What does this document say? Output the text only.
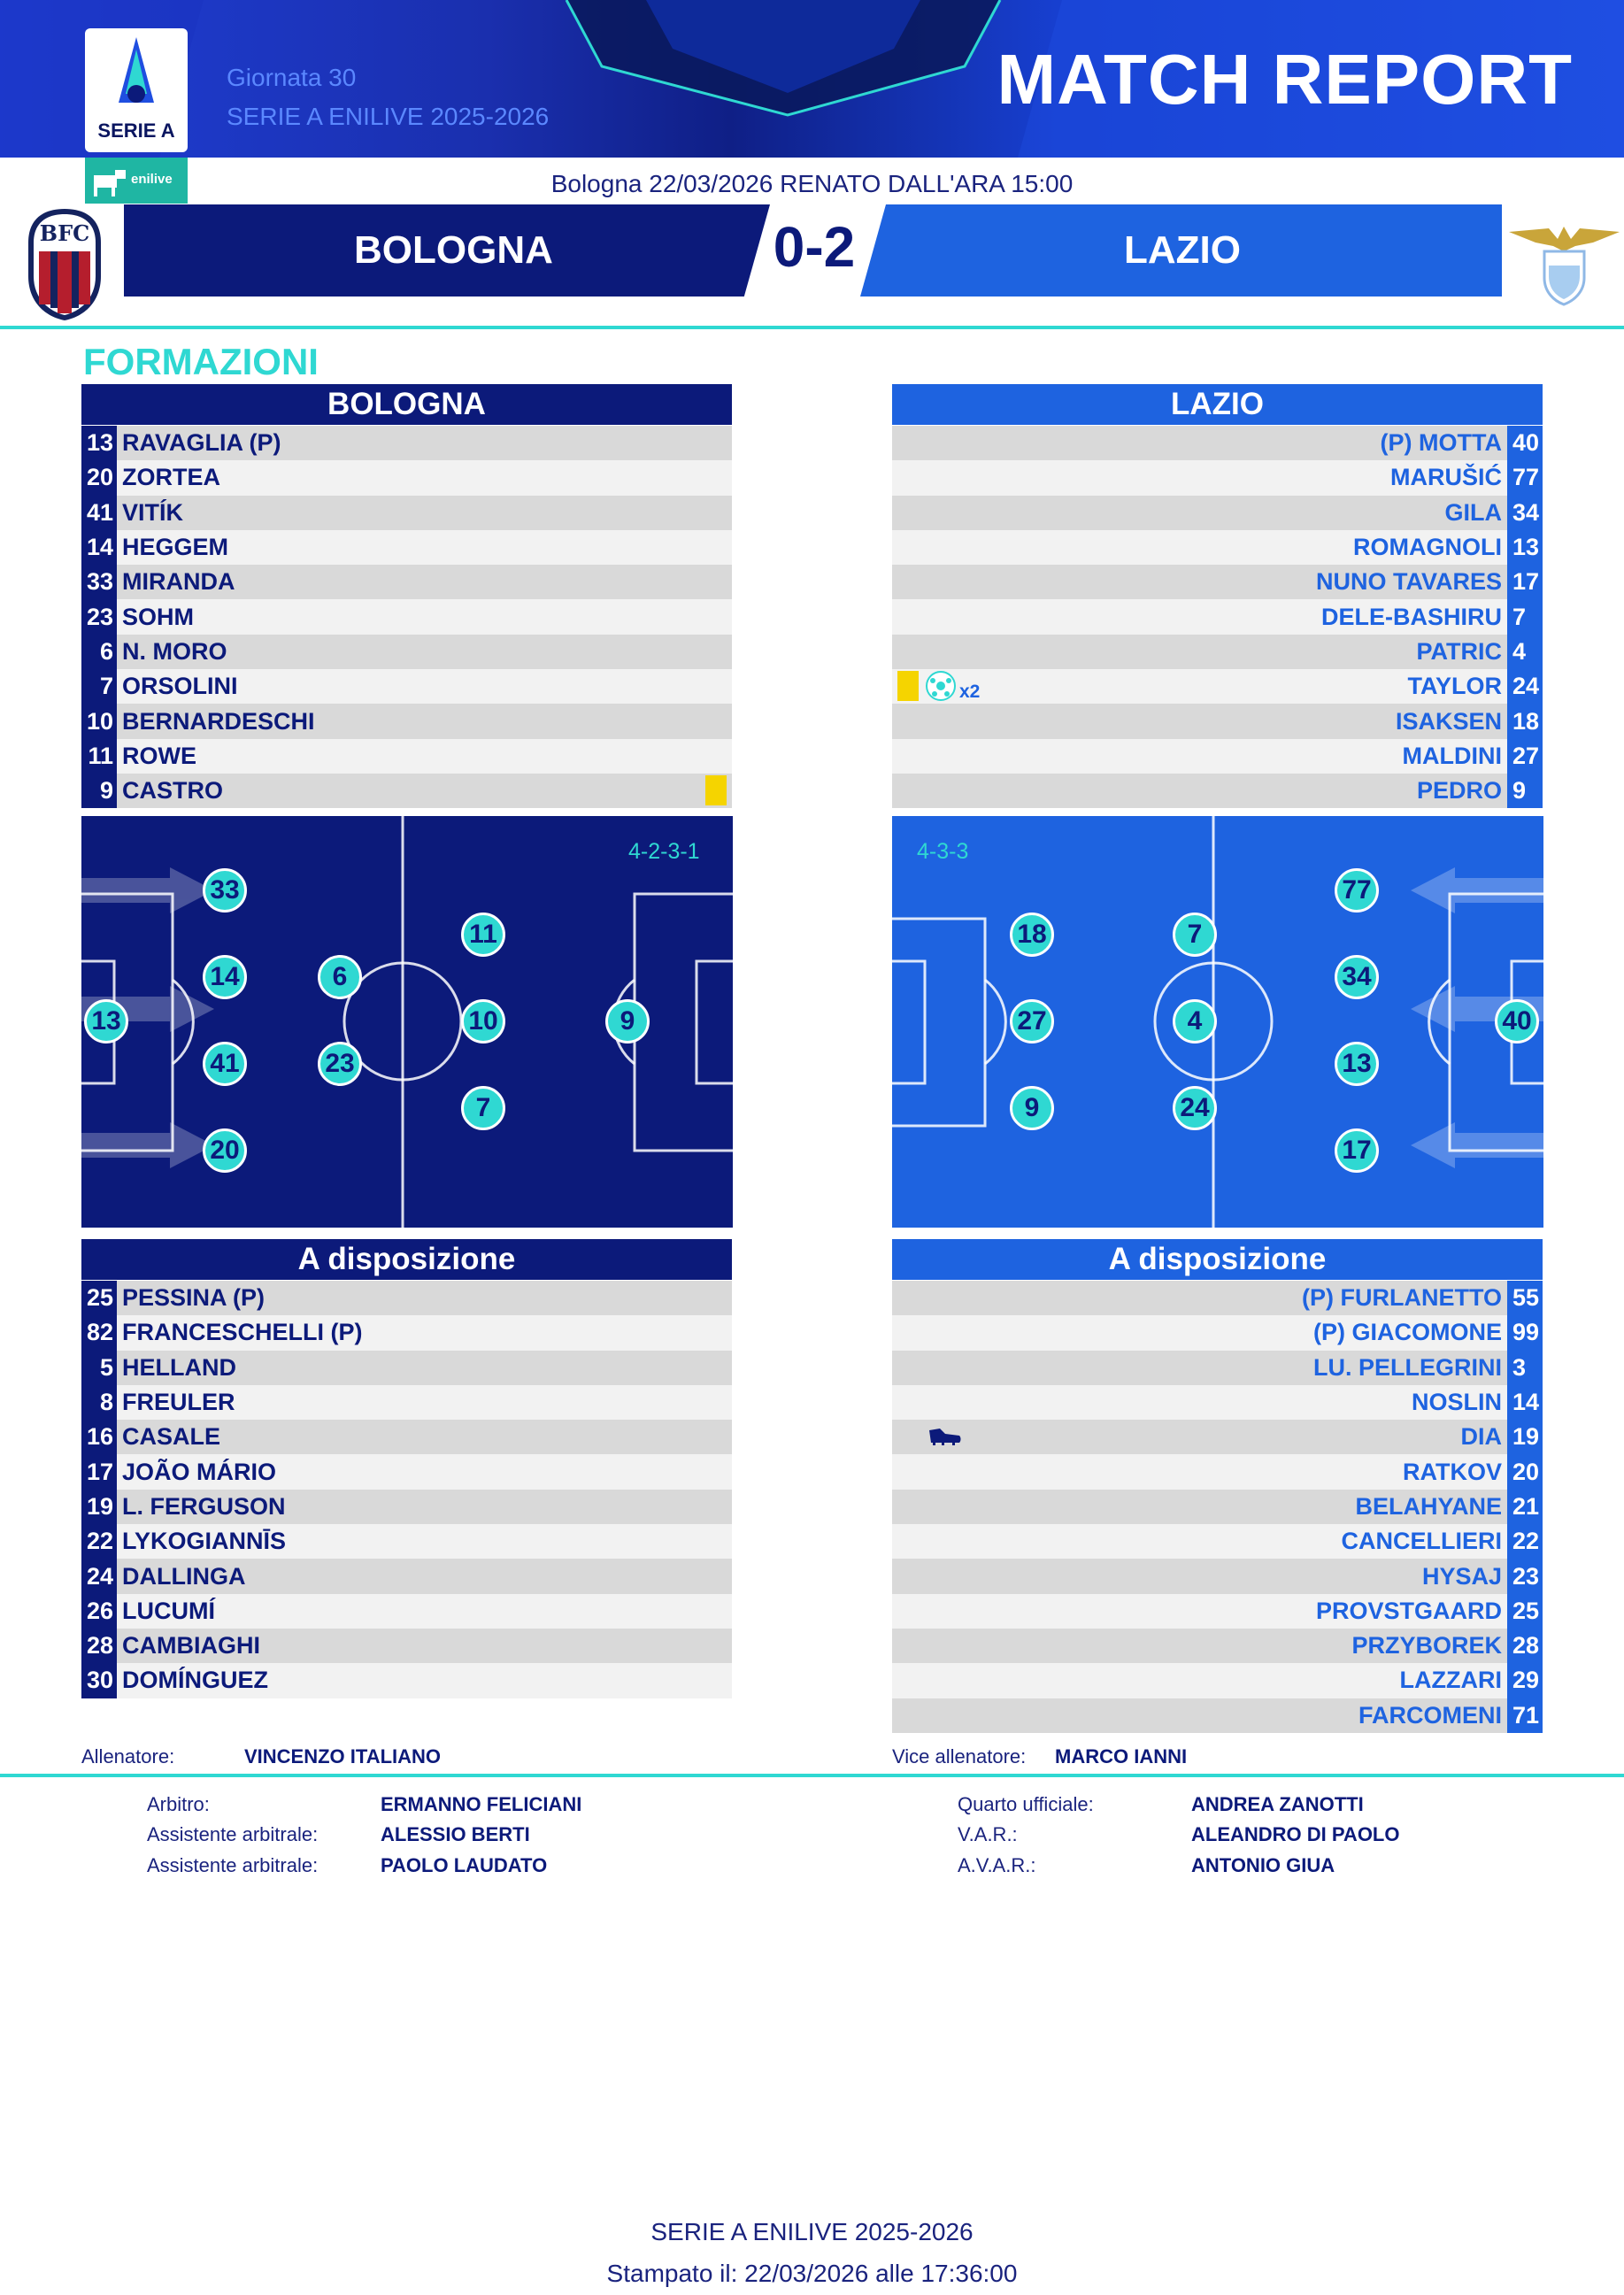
SERIE A
Giornata 30
SERIE A ENILIVE 2025-2026	MATCH REPORT
enilive	Bologna 22/03/2026 RENATO DALL'ARA 15:00
BFC	BOLOGNA	LAZIO
0-2
FORMAZIONI
BOLOGNA
13 RAVAGLIA (P)
20 ZORTEA
41 VITÍK
14 HEGGEM
33 MIRANDA
23 SOHM
6 N. MORO
7 ORSOLINI
10 BERNARDESCHI
11 ROWE
9 CASTRO
LAZIO
(P) MOTTA 40
MARUŠIĆ 77
GILA 34
ROMAGNOLI 13
NUNO TAVARES 17
DELE-BASHIRU 7
PATRIC 4
TAYLOR 24
x2
ISAKSEN 18
MALDINI 27
PEDRO 9
4-2-3-1
13
33
14
41
20
6
23
11
10
7
9
4-3-3
18
27
9
7
4
24
77
34
13
17
40
A disposizione
25 PESSINA (P)
82 FRANCESCHELLI (P)
5 HELLAND
8 FREULER
16 CASALE
17 JOÃO MÁRIO
19 L. FERGUSON
22 LYKOGIANNĪS
24 DALLINGA
26 LUCUMÍ
28 CAMBIAGHI
30 DOMÍNGUEZ
A disposizione
(P) FURLANETTO 55
(P) GIACOMONE 99
LU. PELLEGRINI 3
NOSLIN 14
DIA 19
RATKOV 20
BELAHYANE 21
CANCELLIERI 22
HYSAJ 23
PROVSTGAARD 25
PRZYBOREK 28
LAZZARI 29
FARCOMENI 71
Allenatore:	VINCENZO ITALIANO	Vice allenatore: MARCO IANNI
Arbitro:	ERMANNO FELICIANI
Assistente arbitrale:	ALESSIO BERTI
Assistente arbitrale:	PAOLO LAUDATO
Quarto ufficiale:	ANDREA ZANOTTI
V.A.R.:	ALEANDRO DI PAOLO
A.V.A.R.:	ANTONIO GIUA
SERIE A ENILIVE 2025-2026
Stampato il: 22/03/2026 alle 17:36:00
